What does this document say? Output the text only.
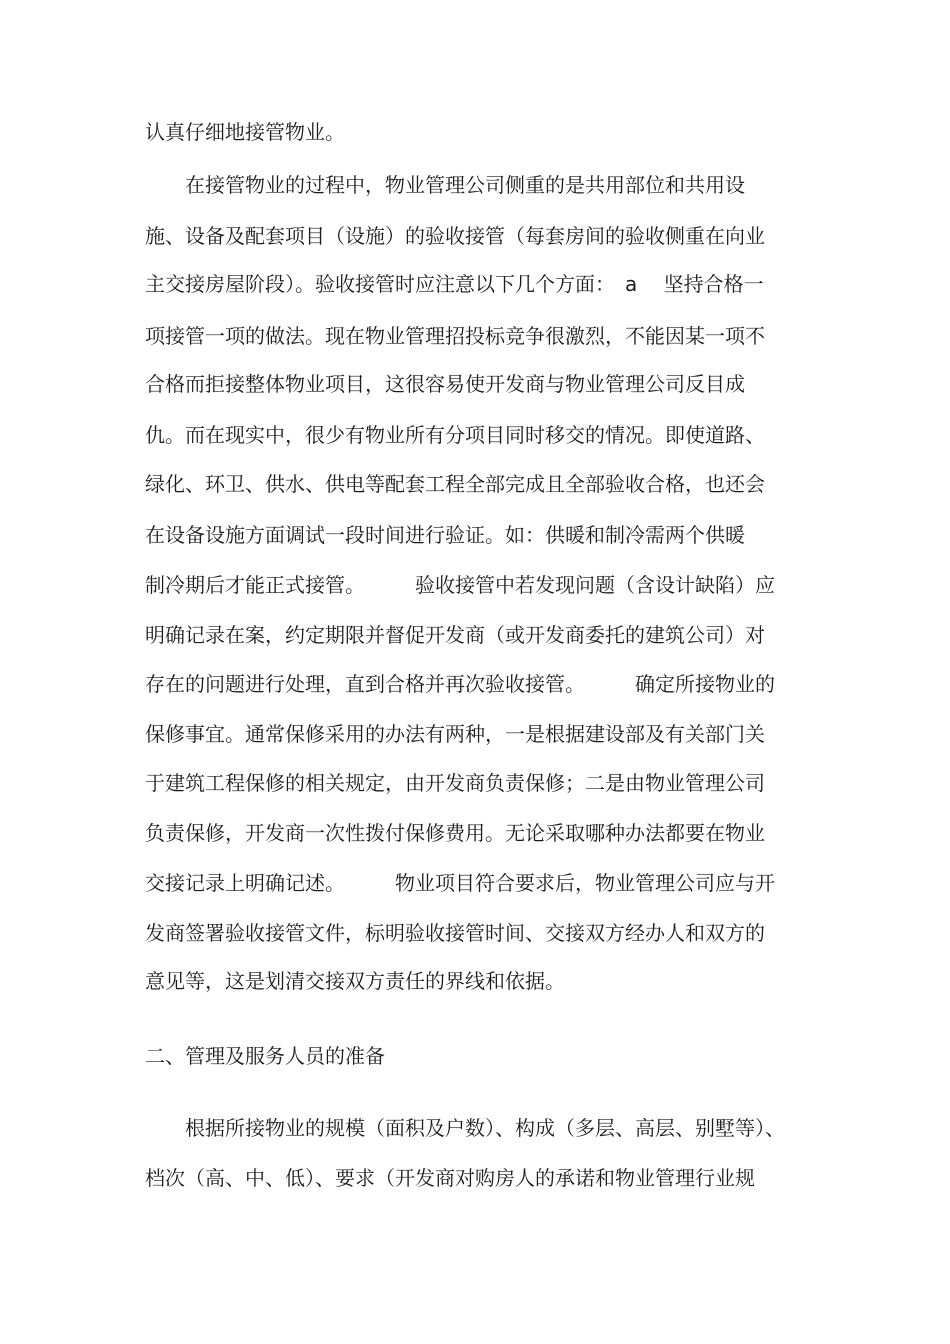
认真仔细地接管物业。

　　在接管物业的过程中，物业管理公司侧重的是共用部位和共用设

施、设备及配套项目（设施）的验收接管（每套房间的验收侧重在向业

主交接房屋阶段）。验收接管时应注意以下几个方面：　a　 坚持合格一

项接管一项的做法。现在物业管理招投标竞争很激烈，不能因某一项不

合格而拒接整体物业项目，这很容易使开发商与物业管理公司反目成

仇。而在现实中，很少有物业所有分项目同时移交的情况。即使道路、

绿化、环卫、供水、供电等配套工程全部完成且全部验收合格，也还会

在设备设施方面调试一段时间进行验证。如：供暖和制冷需两个供暖

制冷期后才能正式接管。　　　验收接管中若发现问题（含设计缺陷）应

明确记录在案，约定期限并督促开发商（或开发商委托的建筑公司）对

存在的问题进行处理，直到合格并再次验收接管。　　　确定所接物业的

保修事宜。通常保修采用的办法有两种，一是根据建设部及有关部门关

于建筑工程保修的相关规定，由开发商负责保修；二是由物业管理公司

负责保修，开发商一次性拨付保修费用。无论采取哪种办法都要在物业

交接记录上明确记述。　　　物业项目符合要求后，物业管理公司应与开

发商签署验收接管文件，标明验收接管时间、交接双方经办人和双方的

意见等，这是划清交接双方责任的界线和依据。

二、管理及服务人员的准备

　　根据所接物业的规模（面积及户数）、构成（多层、高层、别墅等）、

档次（高、中、低）、要求（开发商对购房人的承诺和物业管理行业规
